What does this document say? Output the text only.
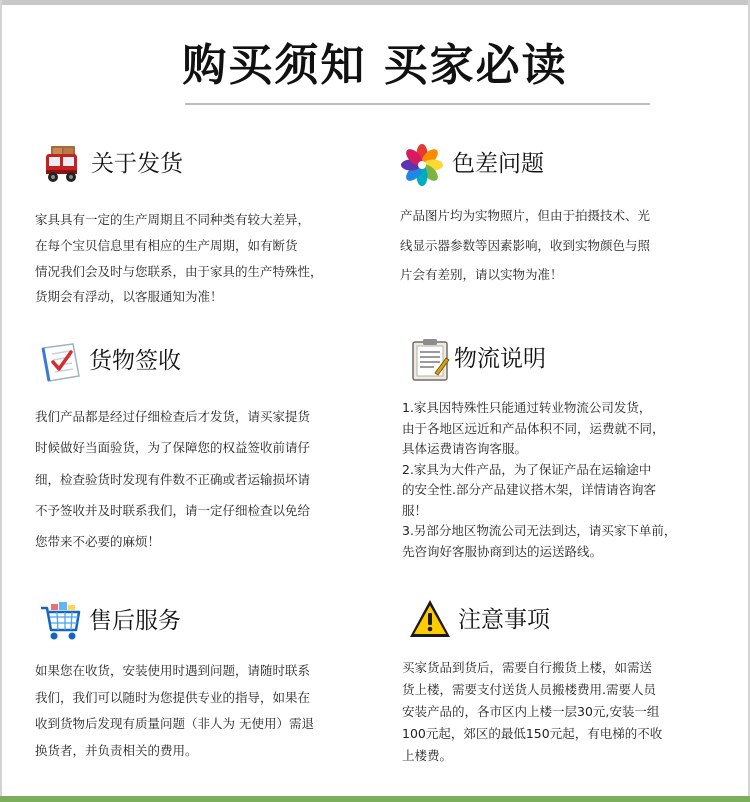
购买须知 买家必读
关于发货
家具具有一定的生产周期且不同种类有较大差异，
在每个宝贝信息里有相应的生产周期，如有断货
情况我们会及时与您联系，由于家具的生产特殊性，
货期会有浮动，以客服通知为准！
色差问题
产品图片均为实物照片，但由于拍摄技术、光
线显示器参数等因素影响，收到实物颜色与照
片会有差别，请以实物为准！
货物签收
我们产品都是经过仔细检查后才发货，请买家提货
时候做好当面验货，为了保障您的权益签收前请仔
细，检查验货时发现有件数不正确或者运输损坏请
不予签收并及时联系我们，请一定仔细检查以免给
您带来不必要的麻烦！
物流说明
1.家具因特殊性只能通过转业物流公司发货，
由于各地区远近和产品体积不同，运费就不同，
具体运费请咨询客服。
2.家具为大件产品，为了保证产品在运输途中
的安全性.部分产品建议搭木架，详情请咨询客
服！
3.另部分地区物流公司无法到达，请买家下单前，
先咨询好客服协商到达的运送路线。
售后服务
如果您在收货，安装使用时遇到问题，请随时联系
我们，我们可以随时为您提供专业的指导，如果在
收到货物后发现有质量问题（非人为 无使用）需退
换货者，并负责相关的费用。
注意事项
买家货品到货后，需要自行搬货上楼，如需送
货上楼，需要支付送货人员搬楼费用.需要人员
安装产品的，各市区内上楼一层30元,安装一组
100元起，郊区的最低150元起，有电梯的不收
上楼费。
